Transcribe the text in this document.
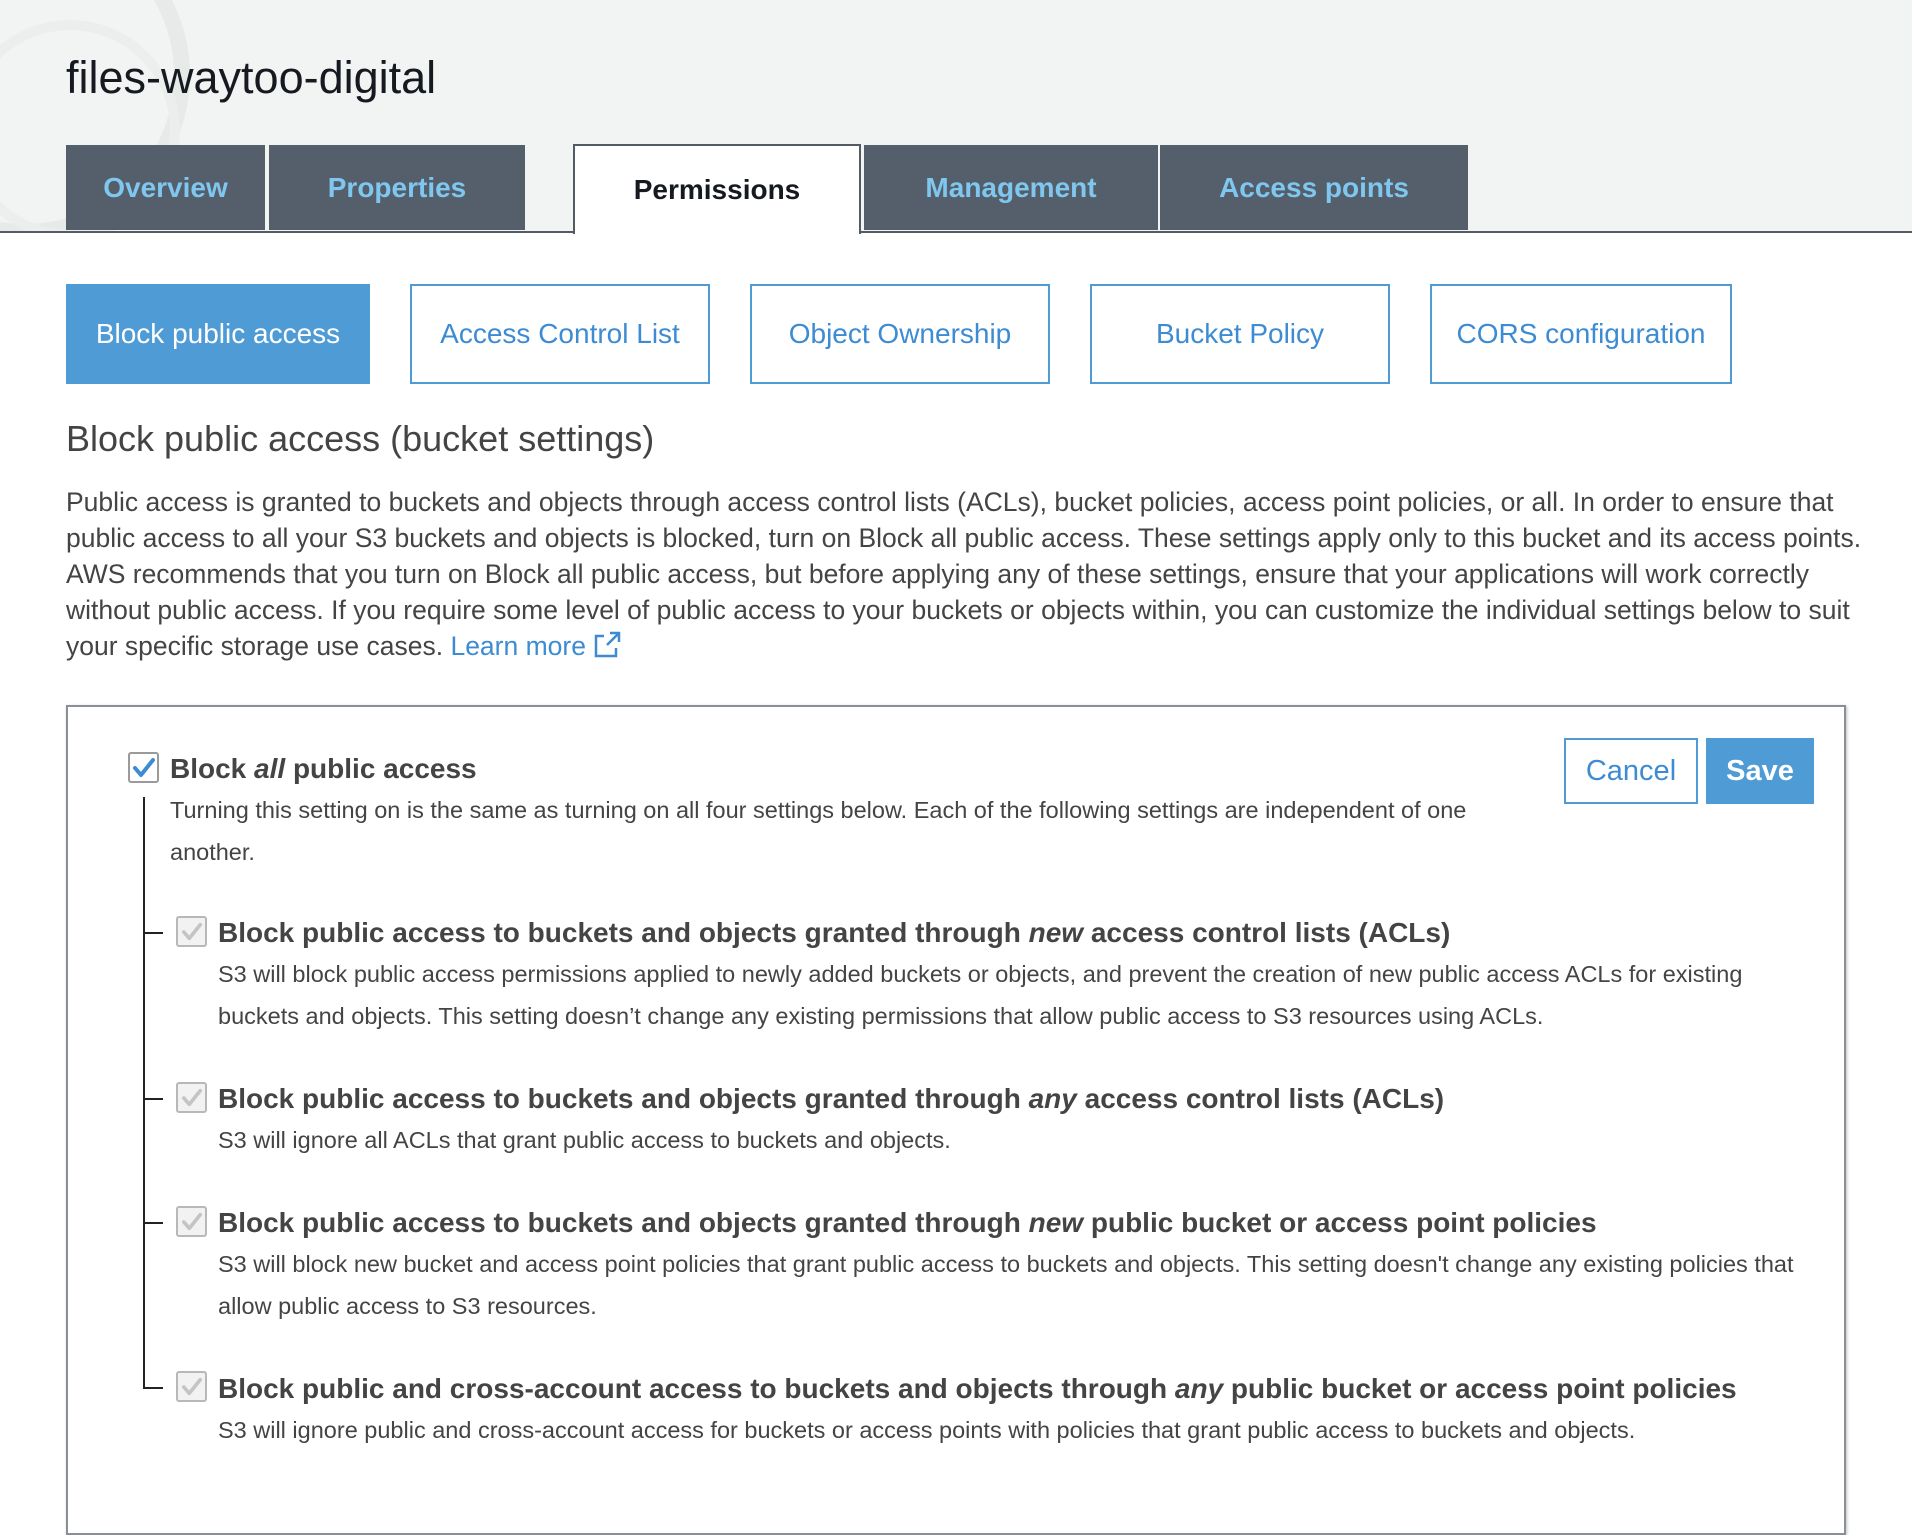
files-waytoo-digital
Overview	Properties	Permissions	Management	Access points
Block public access	Access Control List	Object Ownership	Bucket Policy	CORS configuration
Block public access (bucket settings)

Public access is granted to buckets and objects through access control lists (ACLs), bucket policies, access point policies, or all. In order to ensure that public access to all your S3 buckets and objects is blocked, turn on Block all public access. These settings apply only to this bucket and its access points. AWS recommends that you turn on Block all public access, but before applying any of these settings, ensure that your applications will work correctly without public access. If you require some level of public access to your buckets or objects within, you can customize the individual settings below to suit your specific storage use cases. Learn more

Cancel	Save
Block all public access
Turning this setting on is the same as turning on all four settings below. Each of the following settings are independent of one another.
Block public access to buckets and objects granted through new access control lists (ACLs)
S3 will block public access permissions applied to newly added buckets or objects, and prevent the creation of new public access ACLs for existing buckets and objects. This setting doesn’t change any existing permissions that allow public access to S3 resources using ACLs.
Block public access to buckets and objects granted through any access control lists (ACLs)
S3 will ignore all ACLs that grant public access to buckets and objects.
Block public access to buckets and objects granted through new public bucket or access point policies
S3 will block new bucket and access point policies that grant public access to buckets and objects. This setting doesn't change any existing policies that allow public access to S3 resources.
Block public and cross-account access to buckets and objects through any public bucket or access point policies
S3 will ignore public and cross-account access for buckets or access points with policies that grant public access to buckets and objects.
